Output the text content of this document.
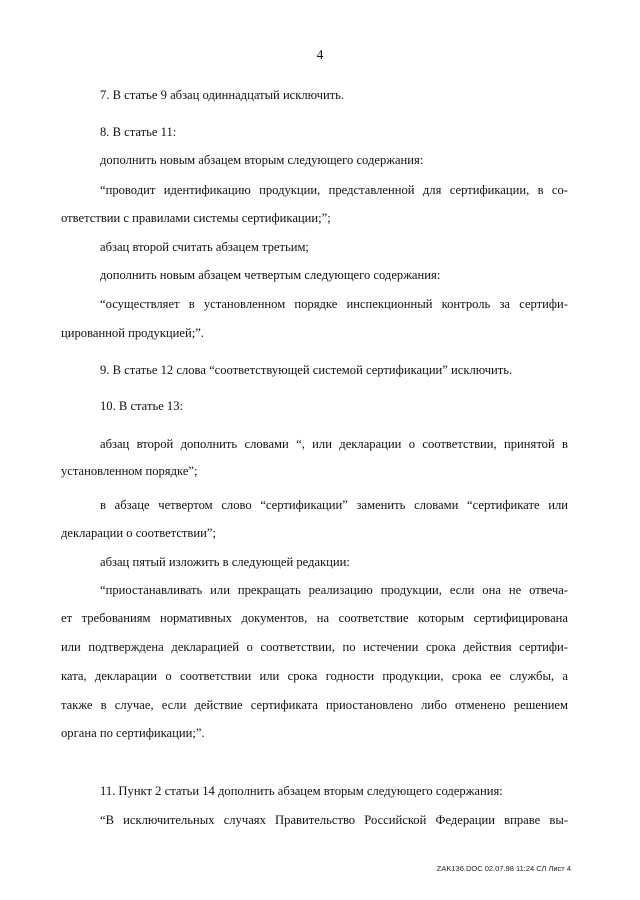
4
7. В статье 9 абзац одиннадцатый исключить.
8. В статье 11:
дополнить новым абзацем вторым следующего содержания:
“проводит идентификацию продукции, представленной для сертификации, в со-
ответствии с правилами системы сертификации;”;
абзац второй считать абзацем третьим;
дополнить новым абзацем четвертым следующего содержания:
“осуществляет в установленном порядке инспекционный контроль за сертифи-
цированной продукцией;”.
9. В статье 12 слова “соответствующей системой сертификации” исключить.
10. В статье 13:
абзац второй дополнить словами “, или декларации о соответствии, принятой в
установленном порядке”;
в абзаце четвертом слово “сертификации” заменить словами “сертификате или
декларации о соответствии”;
абзац пятый изложить в следующей редакции:
“приостанавливать или прекращать реализацию продукции, если она не отвеча-
ет требованиям нормативных документов, на соответствие которым сертифицирована
или подтверждена декларацией о соответствии, по истечении срока действия сертифи-
ката, декларации о соответствии или срока годности продукции, срока ее службы, а
также в случае, если действие сертификата приостановлено либо отменено решением
органа по сертификации;”.
11. Пункт 2 статьи 14 дополнить абзацем вторым следующего содержания:
“В исключительных случаях Правительство Российской Федерации вправе вы-
ZAK136.DOC 02.07.98 11:24 СЛ Лист 4
